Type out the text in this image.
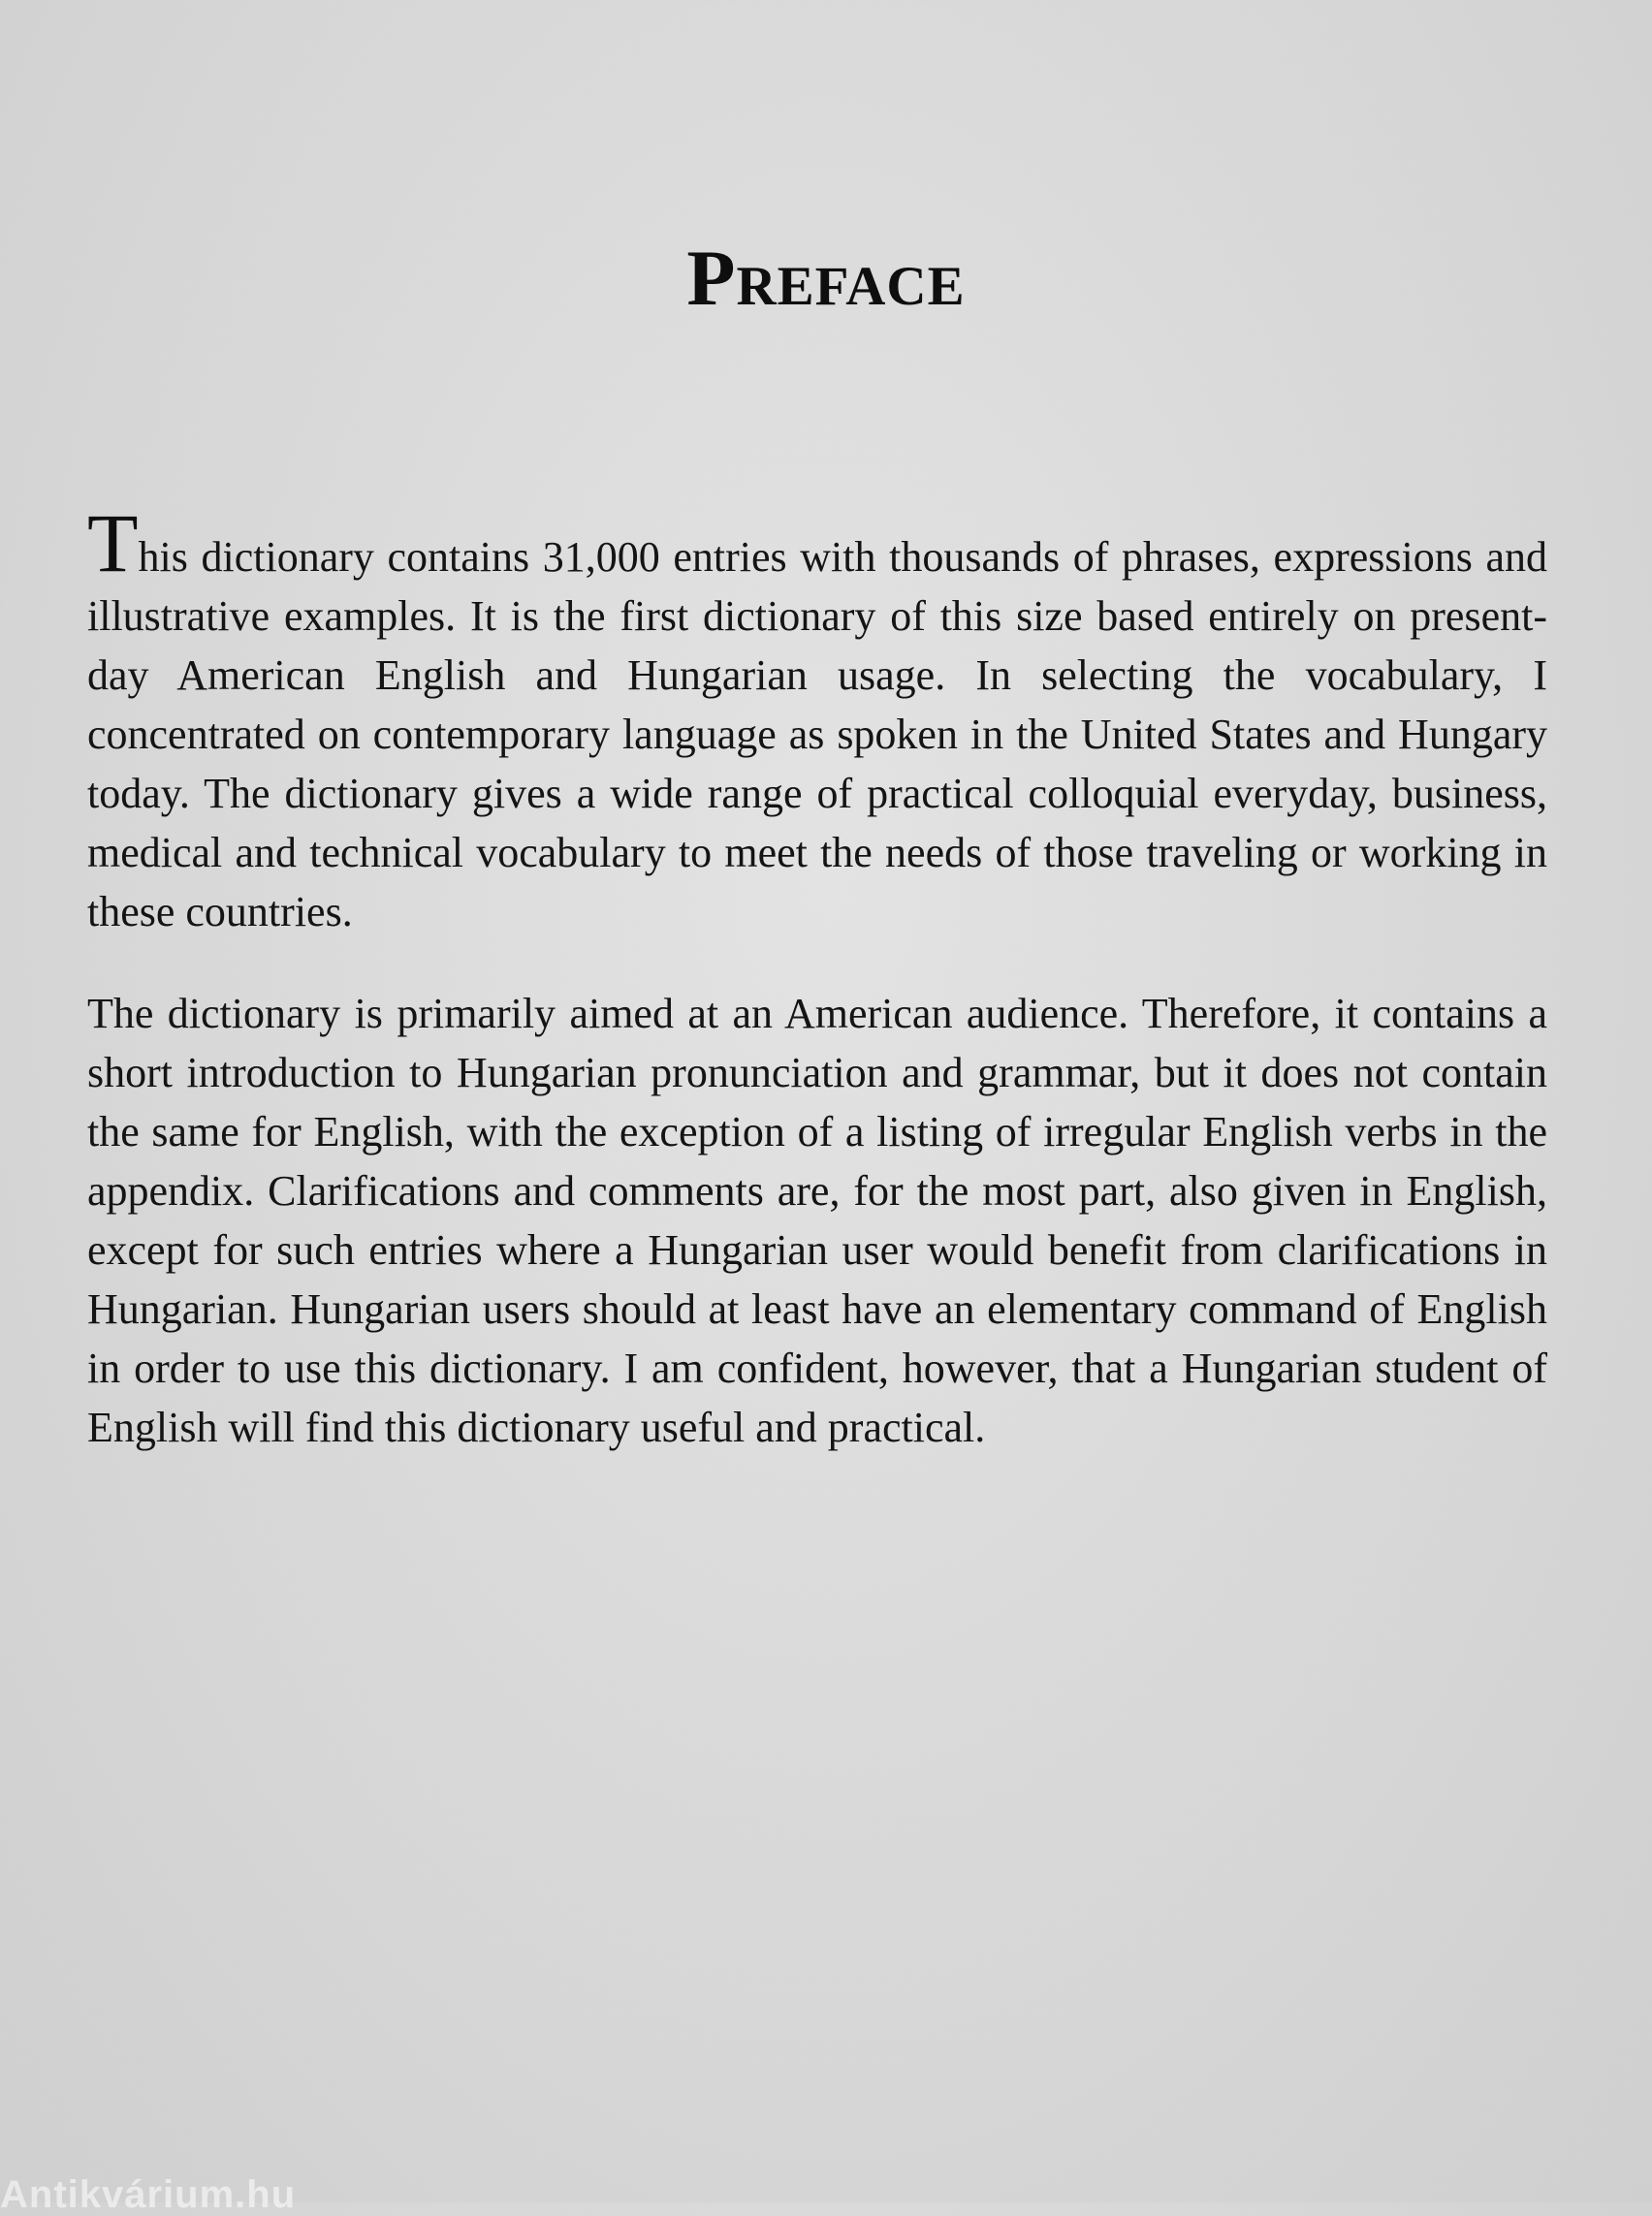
Preface

This dictionary contains 31,000 entries with thousands of phrases, expressions and illustrative examples. It is the first dictionary of this size based entirely on present-day American English and Hungarian usage. In selecting the vocabulary, I concentrated on contemporary language as spoken in the United States and Hungary today. The dictionary gives a wide range of practical colloquial everyday, business, medical and technical vocabulary to meet the needs of those traveling or working in these countries.

The dictionary is primarily aimed at an American audience. Therefore, it contains a short introduction to Hungarian pronunciation and grammar, but it does not contain the same for English, with the exception of a listing of irregular English verbs in the appendix. Clarifications and comments are, for the most part, also given in English, except for such entries where a Hungarian user would benefit from clarifications in Hungarian. Hungarian users should at least have an elementary command of English in order to use this dictionary. I am confident, however, that a Hungarian student of English will find this dictionary useful and practical.

Antikvárium.hu
